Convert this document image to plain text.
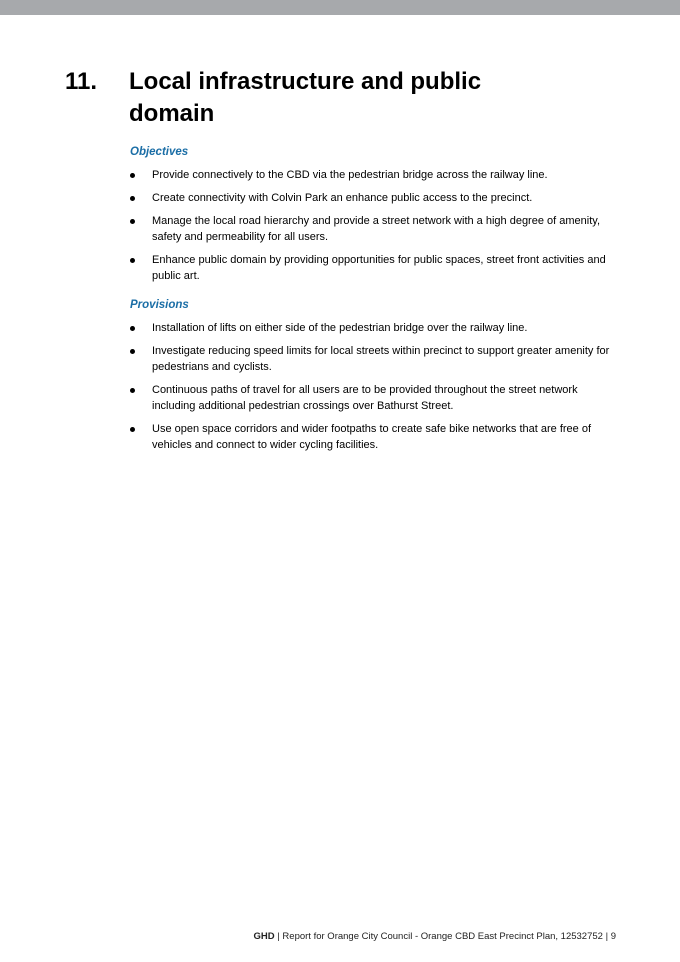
11. Local infrastructure and public domain
Objectives
Provide connectively to the CBD via the pedestrian bridge across the railway line.
Create connectivity with Colvin Park an enhance public access to the precinct.
Manage the local road hierarchy and provide a street network with a high degree of amenity, safety and permeability for all users.
Enhance public domain by providing opportunities for public spaces, street front activities and public art.
Provisions
Installation of lifts on either side of the pedestrian bridge over the railway line.
Investigate reducing speed limits for local streets within precinct to support greater amenity for pedestrians and cyclists.
Continuous paths of travel for all users are to be provided throughout the street network including additional pedestrian crossings over Bathurst Street.
Use open space corridors and wider footpaths to create safe bike networks that are free of vehicles and connect to wider cycling facilities.
GHD | Report for Orange City Council - Orange CBD East Precinct Plan, 12532752 | 9
